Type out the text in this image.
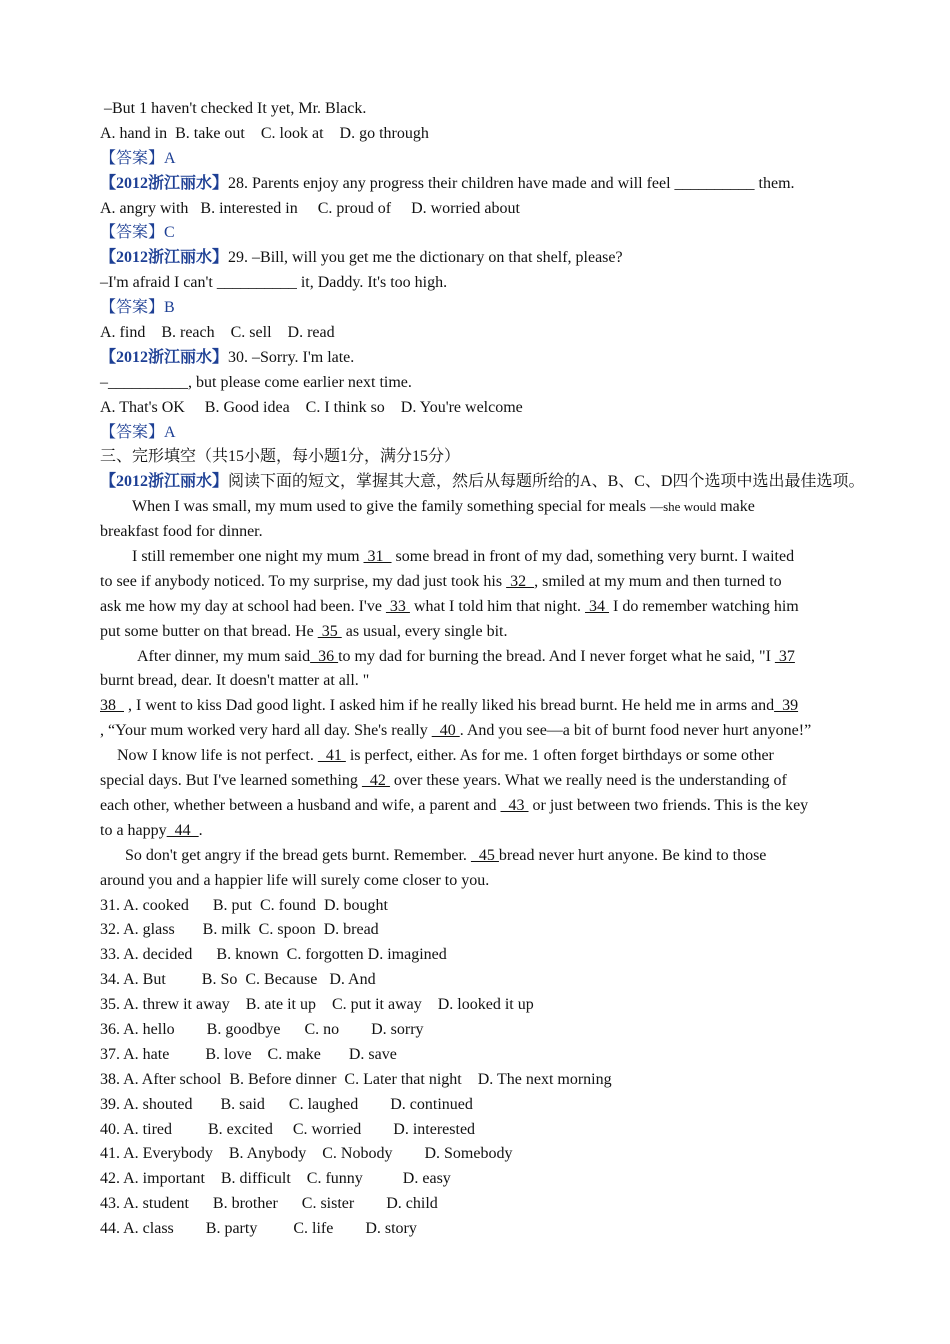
–But 1 haven't checked It yet, Mr. Black.
A. hand in  B. take out    C. look at    D. go through
【答案】A
【2012浙江丽水】28. Parents enjoy any progress their children have made and will feel __________ them.
A. angry with   B. interested in     C. proud of     D. worried about
【答案】C
【2012浙江丽水】29. –Bill, will you get me the dictionary on that shelf, please?
–I'm afraid I can't __________ it, Daddy. It's too high.
【答案】B
A. find    B. reach    C. sell    D. read
【2012浙江丽水】30. –Sorry. I'm late.
–__________, but please come earlier next time.
A. That's OK     B. Good idea    C. I think so    D. You're welcome
【答案】A
三、完形填空（共15小题，每小题1分，满分15分）
【2012浙江丽水】阅读下面的短文，掌握其大意，然后从每题所给的A、B、C、D四个选项中选出最佳选项。
When I was small, my mum used to give the family something special for meals —she would make
breakfast food for dinner.
I still remember one night my mum  31   some bread in front of my dad, something very burnt. I waited
to see if anybody noticed. To my surprise, my dad just took his  32  , smiled at my mum and then turned to
ask me how my day at school had been. I've  33  what I told him that night.  34  I do remember watching him
put some butter on that bread. He  35  as usual, every single bit.
After dinner, my mum said  36 to my dad for burning the bread. And I never forget what he said, "I  37
burnt bread, dear. It doesn't matter at all. "
38   , I went to kiss Dad good light. I asked him if he really liked his bread burnt. He held me in arms and  39
, “Your mum worked very hard all day. She's really   40 . And you see—a bit of burnt food never hurt anyone!”
Now I know life is not perfect.   41  is perfect, either. As for me. 1 often forget birthdays or some other
special days. But I've learned something   42  over these years. What we really need is the understanding of
each other, whether between a husband and wife, a parent and   43  or just between two friends. This is the key
to a happy  44  .
So don't get angry if the bread gets burnt. Remember.   45 bread never hurt anyone. Be kind to those
around you and a happier life will surely come closer to you.
31. A. cooked      B. put  C. found  D. bought
32. A. glass       B. milk  C. spoon  D. bread
33. A. decided      B. known  C. forgotten D. imagined
34. A. But         B. So  C. Because   D. And
35. A. threw it away    B. ate it up    C. put it away    D. looked it up
36. A. hello        B. goodbye      C. no        D. sorry
37. A. hate         B. love    C. make       D. save
38. A. After school  B. Before dinner  C. Later that night    D. The next morning
39. A. shouted       B. said      C. laughed        D. continued
40. A. tired         B. excited     C. worried        D. interested
41. A. Everybody    B. Anybody    C. Nobody        D. Somebody
42. A. important    B. difficult    C. funny          D. easy
43. A. student      B. brother      C. sister        D. child
44. A. class        B. party         C. life        D. story
